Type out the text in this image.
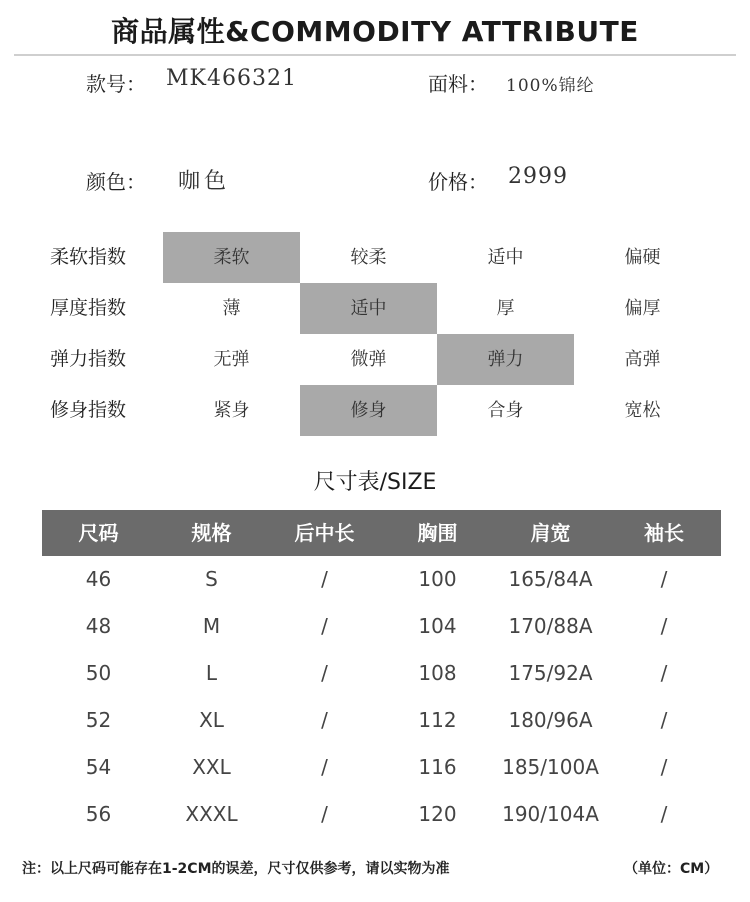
商品属性&COMMODITY ATTRIBUTE
款号： MK466321	面料： 100%锦纶
颜色： 咖色	价格： 2999
柔软指数	柔软	较柔	适中	偏硬
厚度指数	薄	适中	厚	偏厚
弹力指数	无弹	微弹	弹力	高弹
修身指数	紧身	修身	合身	宽松
尺寸表/SIZE
尺码	规格	后中长	胸围	肩宽	袖长
46	S	/	100	165/84A	/
48	M	/	104	170/88A	/
50	L	/	108	175/92A	/
52	XL	/	112	180/96A	/
54	XXL	/	116	185/100A	/
56	XXXL	/	120	190/104A	/
注：以上尺码可能存在1-2CM的误差，尺寸仅供参考，请以实物为准	（单位：CM）
